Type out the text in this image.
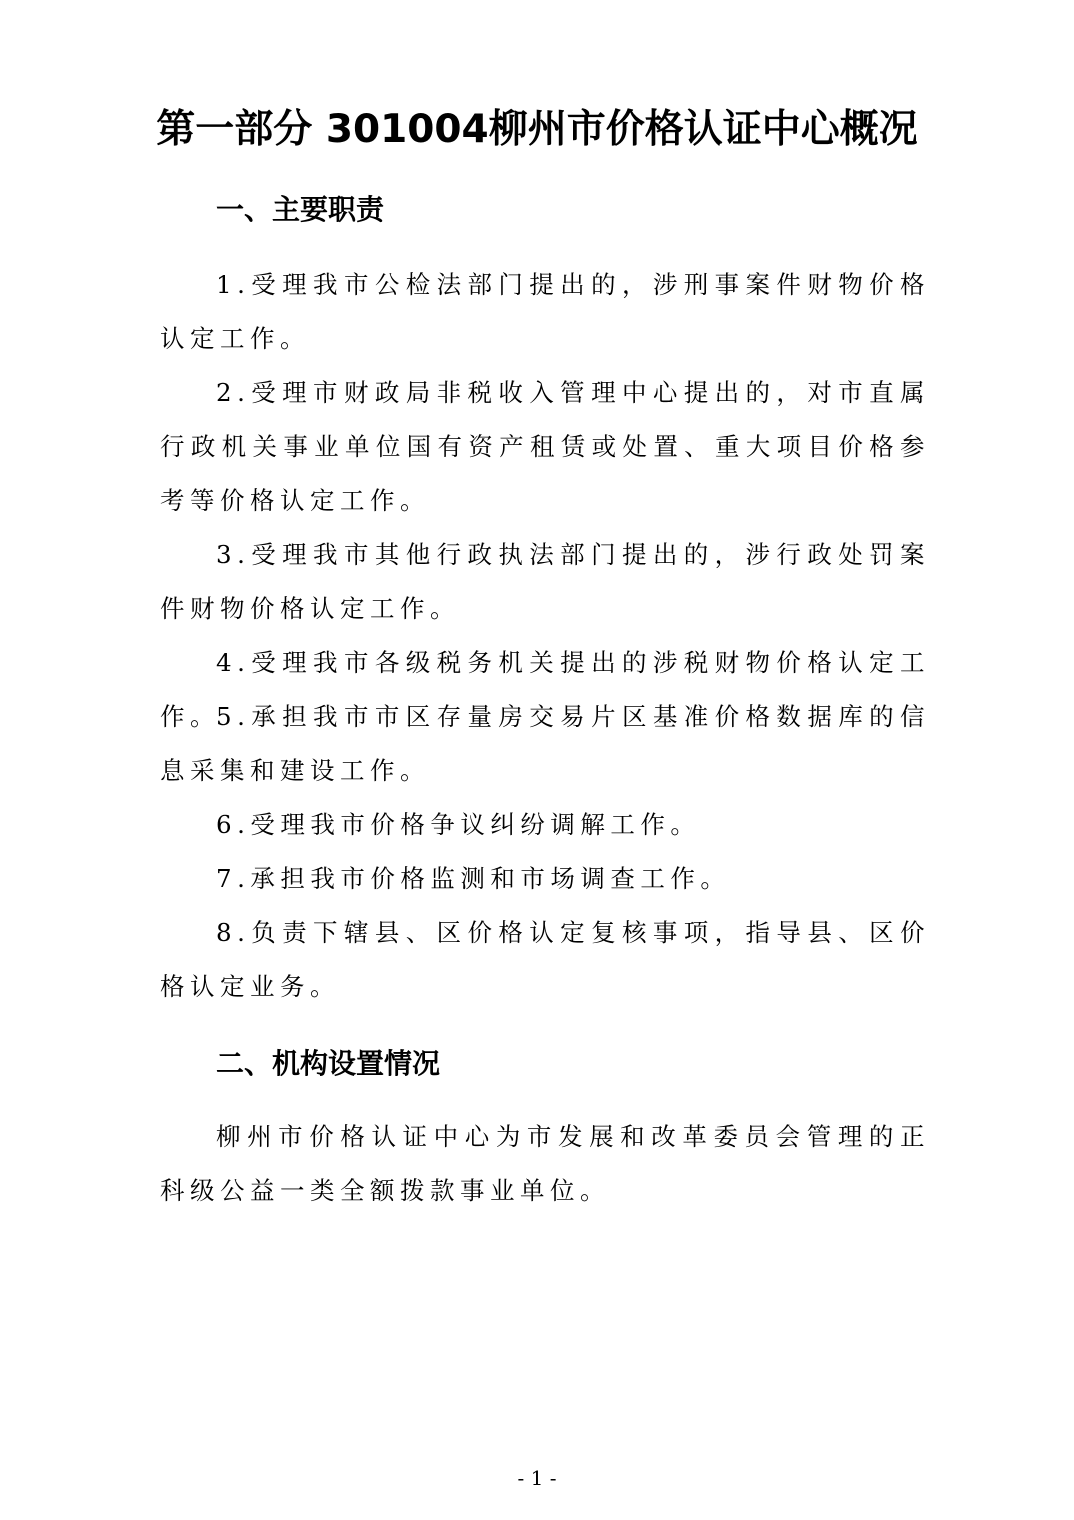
第一部分 301004柳州市价格认证中心概况
一、主要职责
1.受理我市公检法部门提出的，涉刑事案件财物价格认定工作。
2.受理市财政局非税收入管理中心提出的，对市直属行政机关事业单位国有资产租赁或处置、重大项目价格参考等价格认定工作。
3.受理我市其他行政执法部门提出的，涉行政处罚案件财物价格认定工作。
4.受理我市各级税务机关提出的涉税财物价格认定工作。
5.承担我市市区存量房交易片区基准价格数据库的信息采集和建设工作。
6.受理我市价格争议纠纷调解工作。
7.承担我市价格监测和市场调查工作。
8.负责下辖县、区价格认定复核事项，指导县、区价格认定业务。
二、机构设置情况
柳州市价格认证中心为市发展和改革委员会管理的正科级公益一类全额拨款事业单位。
- 1 -
